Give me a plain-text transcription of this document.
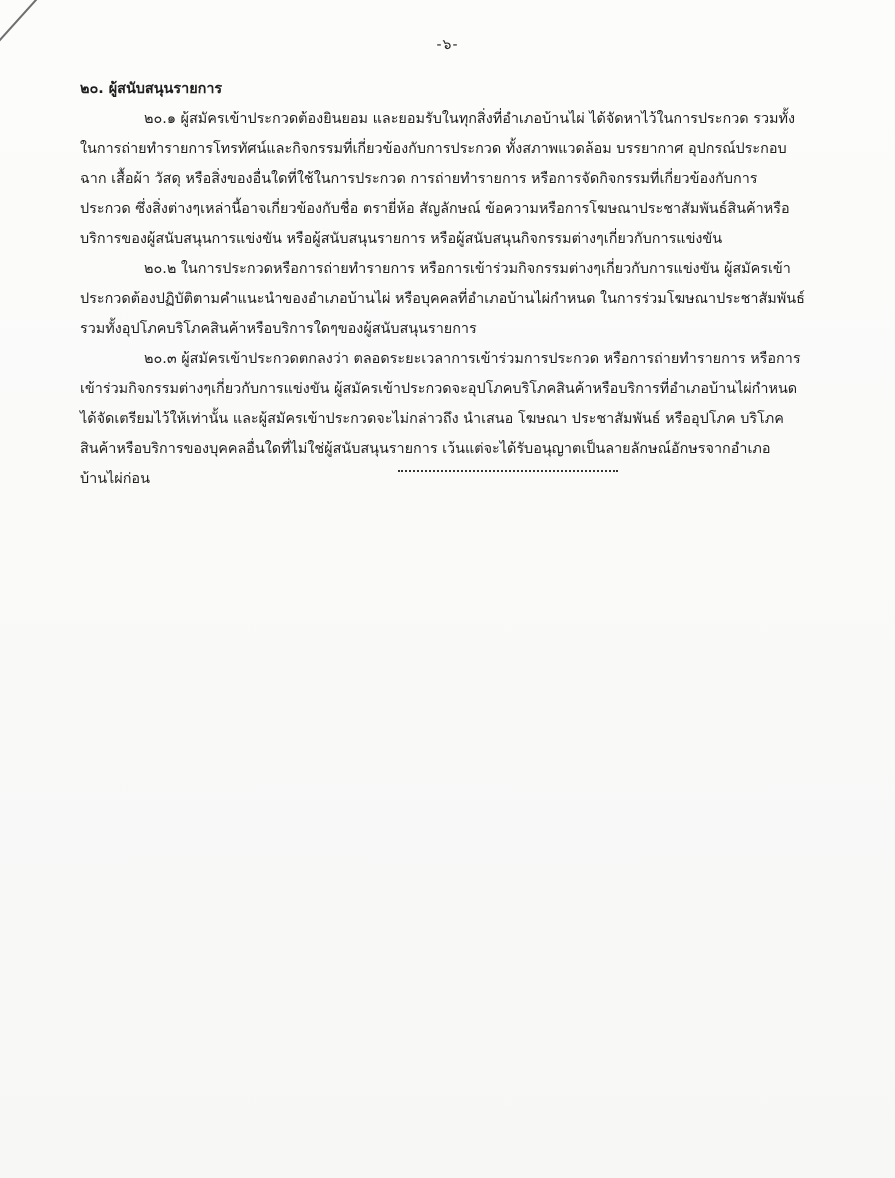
-๖-

๒๐. ผู้สนับสนุนรายการ

๒๐.๑ ผู้สมัครเข้าประกวดต้องยินยอม และยอมรับในทุกสิ่งที่อำเภอบ้านไผ่ ได้จัดหาไว้ในการประกวด รวมทั้ง

ในการถ่ายทำรายการโทรทัศน์และกิจกรรมที่เกี่ยวข้องกับการประกวด ทั้งสภาพแวดล้อม บรรยากาศ อุปกรณ์ประกอบ

ฉาก เสื้อผ้า วัสดุ หรือสิ่งของอื่นใดที่ใช้ในการประกวด การถ่ายทำรายการ หรือการจัดกิจกรรมที่เกี่ยวข้องกับการ

ประกวด ซึ่งสิ่งต่างๆเหล่านี้อาจเกี่ยวข้องกับชื่อ ตรายี่ห้อ สัญลักษณ์ ข้อความหรือการโฆษณาประชาสัมพันธ์สินค้าหรือ

บริการของผู้สนับสนุนการแข่งขัน หรือผู้สนับสนุนรายการ หรือผู้สนับสนุนกิจกรรมต่างๆเกี่ยวกับการแข่งขัน

๒๐.๒ ในการประกวดหรือการถ่ายทำรายการ หรือการเข้าร่วมกิจกรรมต่างๆเกี่ยวกับการแข่งขัน ผู้สมัครเข้า

ประกวดต้องปฏิบัติตามคำแนะนำของอำเภอบ้านไผ่ หรือบุคคลที่อำเภอบ้านไผ่กำหนด ในการร่วมโฆษณาประชาสัมพันธ์

รวมทั้งอุปโภคบริโภคสินค้าหรือบริการใดๆของผู้สนับสนุนรายการ

๒๐.๓ ผู้สมัครเข้าประกวดตกลงว่า ตลอดระยะเวลาการเข้าร่วมการประกวด หรือการถ่ายทำรายการ หรือการ

เข้าร่วมกิจกรรมต่างๆเกี่ยวกับการแข่งขัน ผู้สมัครเข้าประกวดจะอุปโภคบริโภคสินค้าหรือบริการที่อำเภอบ้านไผ่กำหนด

ได้จัดเตรียมไว้ให้เท่านั้น และผู้สมัครเข้าประกวดจะไม่กล่าวถึง นำเสนอ โฆษณา ประชาสัมพันธ์ หรืออุปโภค บริโภค

สินค้าหรือบริการของบุคคลอื่นใดที่ไม่ใช่ผู้สนับสนุนรายการ เว้นแต่จะได้รับอนุญาตเป็นลายลักษณ์อักษรจากอำเภอ

บ้านไผ่ก่อน
